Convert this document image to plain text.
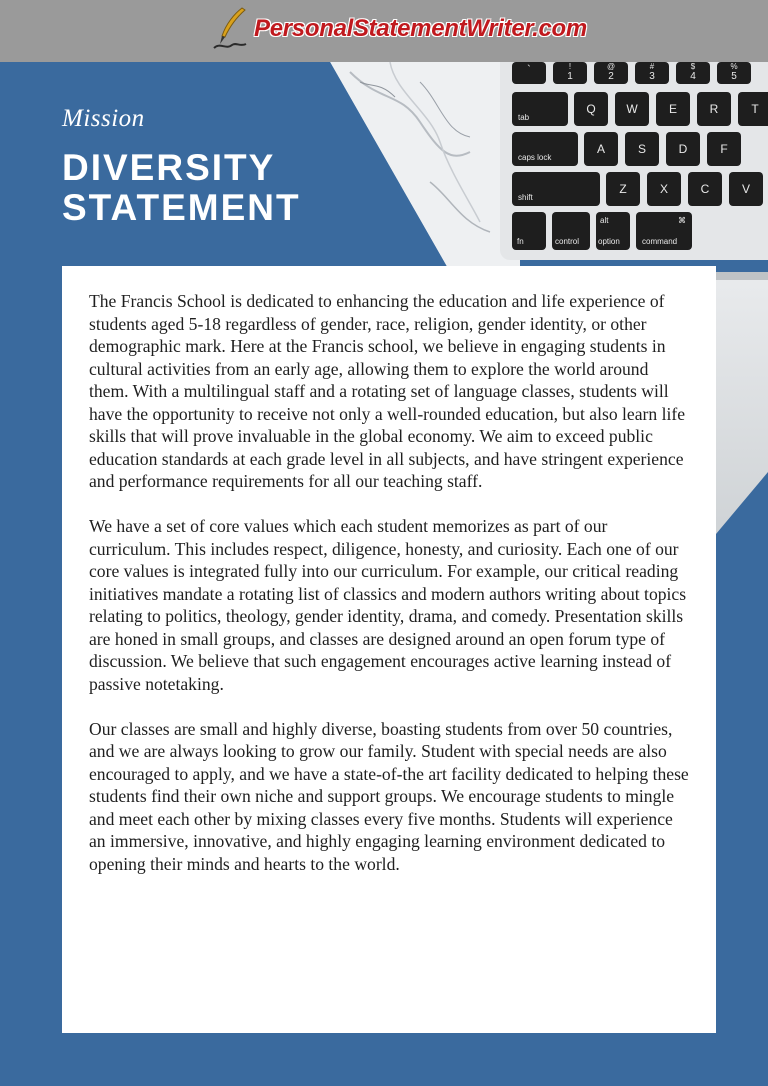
PersonalStatementWriter.com
`	!
1
@
2
#
3
$
4
%
5
tab
Q	W	E	R	T
caps lock
A	S	D	F
shift
Z	X	C	V
fn	control
alt
option
⌘
command
Mission
DIVERSITY
STATEMENT

The Francis School is dedicated to enhancing the education and life experience of students aged 5-18 regardless of gender, race, religion, gender identity, or other demographic mark. Here at the Francis school, we believe in engaging students in cultural activities from an early age, allowing them to explore the world around them. With a multilingual staff and a rotating set of language classes, students will have the opportunity to receive not only a well-rounded education, but also learn life skills that will prove invaluable in the global economy. We aim to exceed public education standards at each grade level in all subjects, and have stringent experience and performance requirements for all our teaching staff.

We have a set of core values which each student memorizes as part of our curriculum. This includes respect, diligence, honesty, and curiosity. Each one of our core values is integrated fully into our curriculum. For example, our critical reading initiatives mandate a rotating list of classics and modern authors writing about topics relating to politics, theology, gender identity, drama, and comedy. Presentation skills are honed in small groups, and classes are designed around an open forum type of discussion. We believe that such engagement encourages active learning instead of passive notetaking.

Our classes are small and highly diverse, boasting students from over 50 countries, and we are always looking to grow our family. Student with special needs are also encouraged to apply, and we have a state-of-the art facility dedicated to helping these students find their own niche and support groups. We encourage students to mingle and meet each other by mixing classes every five months. Students will experience an immersive, innovative, and highly engaging learning environment dedicated to opening their minds and hearts to the world.
